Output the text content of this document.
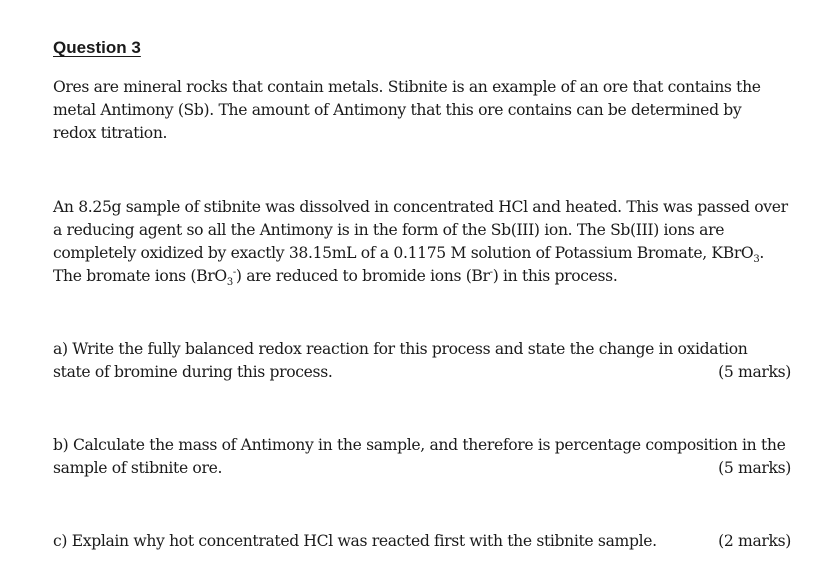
Question 3

Ores are mineral rocks that contain metals. Stibnite is an example of an ore that contains the
metal Antimony (Sb). The amount of Antimony that this ore contains can be determined by
redox titration.

An 8.25g sample of stibnite was dissolved in concentrated HCl and heated. This was passed over
a reducing agent so all the Antimony is in the form of the Sb(III) ion. The Sb(III) ions are
completely oxidized by exactly 38.15mL of a 0.1175 M solution of Potassium Bromate, KBrO$_3$.
The bromate ions (BrO$_3$-) are reduced to bromide ions (Br-) in this process.

a) Write the fully balanced redox reaction for this process and state the change in oxidation
state of bromine during this process.	(5 marks)
b) Calculate the mass of Antimony in the sample, and therefore is percentage composition in the
sample of stibnite ore.	(5 marks)
c) Explain why hot concentrated HCl was reacted first with the stibnite sample.	(2 marks)
